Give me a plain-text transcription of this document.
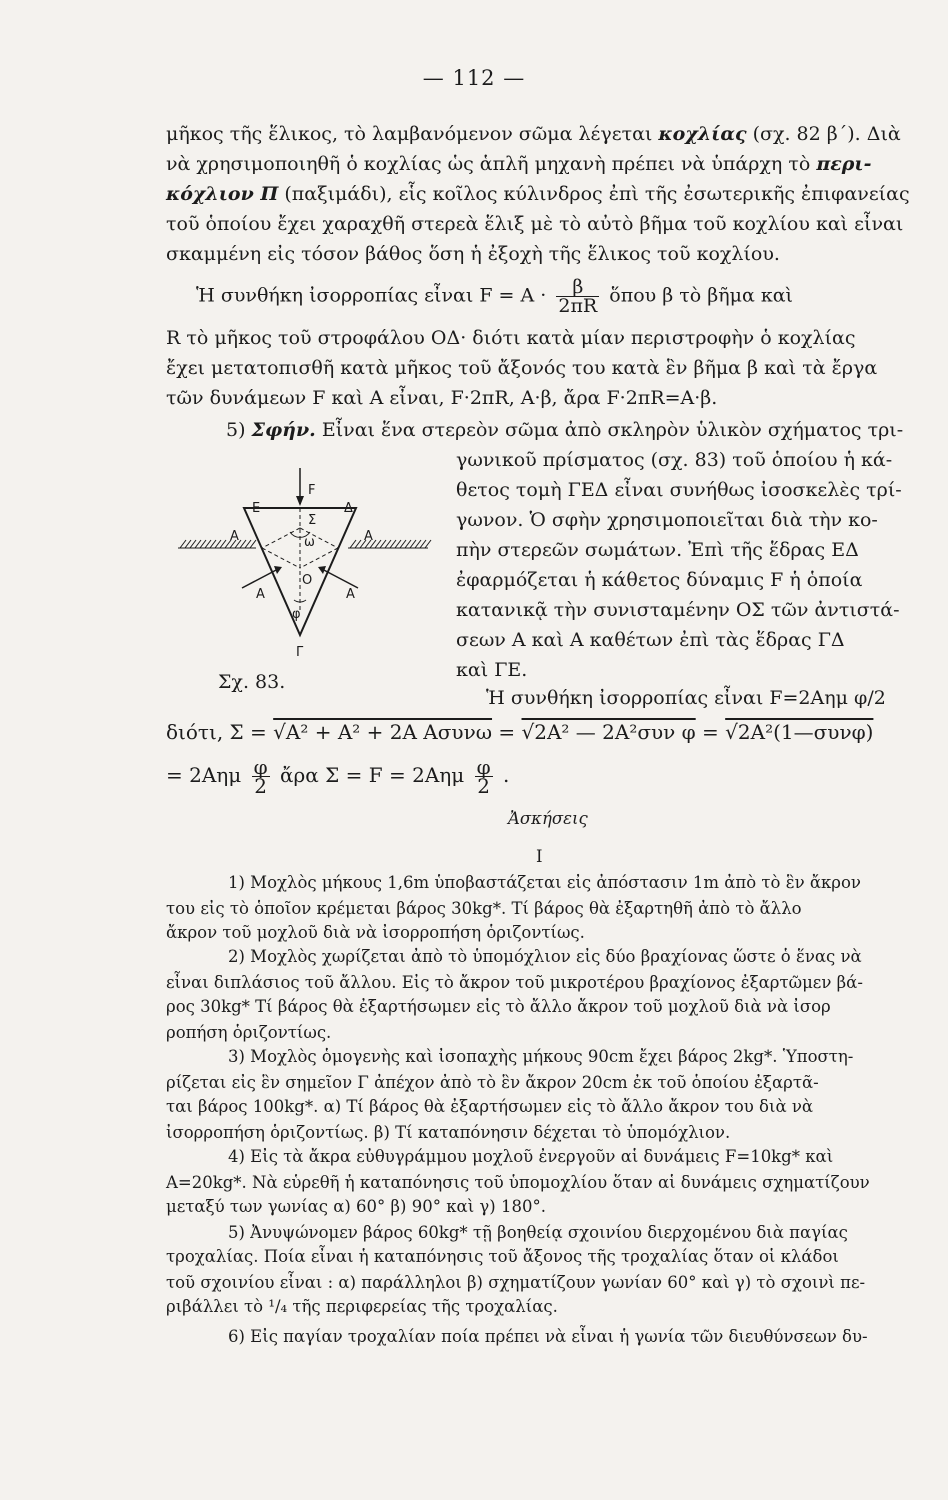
— 112 —
μῆκος τῆς ἕλικος, τὸ λαμβανόμενον σῶμα λέγεται κοχλίας (σχ. 82 β΄). Διὰ
νὰ χρησιμοποιηθῆ ὁ κοχλίας ὡς ἁπλῆ μηχανὴ πρέπει νὰ ὑπάρχη τὸ περι-
κόχλιον Π (παξιμάδι), εἷς κοῖλος κύλινδρος ἐπὶ τῆς ἐσωτερικῆς ἐπιφανείας
τοῦ ὁποίου ἔχει χαραχθῆ στερεὰ ἕλιξ μὲ τὸ αὐτὸ βῆμα τοῦ κοχλίου καὶ εἶναι
σκαμμένη εἰς τόσον βάθος ὅση ἡ ἐξοχὴ τῆς ἕλικος τοῦ κοχλίου.
Ἡ συνθήκη ἰσορροπίας εἶναι $F = A \cdot \frac{\beta}{2\pi R}$ ὅπου β τὸ βῆμα καὶ
R τὸ μῆκος τοῦ στροφάλου ΟΔ· διότι κατὰ μίαν περιστροφὴν ὁ κοχλίας
ἔχει μετατοπισθῆ κατὰ μῆκος τοῦ ἄξονός του κατὰ ἓν βῆμα β καὶ τὰ ἔργα
τῶν δυνάμεων F καὶ A εἶναι, F·2πR, A·β, ἄρα F·2πR=A·β.
5) Σφήν. Εἶναι ἕνα στερεὸν σῶμα ἀπὸ σκληρὸν ὑλικὸν σχήματος τρι-
γωνικοῦ πρίσματος (σχ. 83) τοῦ ὁποίου ἡ κά-
θετος τομὴ ΓΕΔ εἶναι συνήθως ἰσοσκελὲς τρί-
γωνον. Ὁ σφὴν χρησιμοποιεῖται διὰ τὴν κο-
πὴν στερεῶν σωμάτων. Ἐπὶ τῆς ἕδρας ΕΔ
ἐφαρμόζεται ἡ κάθετος δύναμις F ἡ ὁποία
κατανικᾷ τὴν συνισταμένην ΟΣ τῶν ἀντιστά-
σεων A καὶ A καθέτων ἐπὶ τὰς ἕδρας ΓΔ
καὶ ΓΕ.
Ἡ συνθήκη ἰσορροπίας εἶναι F=2Aημ φ/2
E
F
Δ
A
Σ
ω	A
O
A	A
φ
Γ
Σχ. 83.
διότι, Σ = √A² + A² + 2A Aσυνω = √2A² — 2A²συν φ = √2A²(1—συνφ)
= $2A\eta\mu \frac{\varphi}{2}$ ἄρα $\Sigma = F = 2A\eta\mu \frac{\varphi}{2}$ .
Ἀσκήσεις
I
1) Μοχλὸς μήκους 1,6m ὑποβαστάζεται εἰς ἀπόστασιν 1m ἀπὸ τὸ ἓν ἄκρον
του εἰς τὸ ὁποῖον κρέμεται βάρος 30kg*. Τί βάρος θὰ ἐξαρτηθῆ ἀπὸ τὸ ἄλλο
ἄκρον τοῦ μοχλοῦ διὰ νὰ ἰσορροπήση ὁριζοντίως.
2) Μοχλὸς χωρίζεται ἀπὸ τὸ ὑπομόχλιον εἰς δύο βραχίονας ὥστε ὁ ἕνας νὰ
εἶναι διπλάσιος τοῦ ἄλλου. Εἰς τὸ ἄκρον τοῦ μικροτέρου βραχίονος ἐξαρτῶμεν βά-
ρος 30kg* Τί βάρος θὰ ἐξαρτήσωμεν εἰς τὸ ἄλλο ἄκρον τοῦ μοχλοῦ διὰ νὰ ἰσορ
ροπήση ὁριζοντίως.
3) Μοχλὸς ὁμογενὴς καὶ ἰσοπαχὴς μήκους 90cm ἔχει βάρος 2kg*. Ὑποστη-
ρίζεται εἰς ἓν σημεῖον Γ ἀπέχον ἀπὸ τὸ ἓν ἄκρον 20cm ἐκ τοῦ ὁποίου ἐξαρτᾶ-
ται βάρος 100kg*. α) Τί βάρος θὰ ἐξαρτήσωμεν εἰς τὸ ἄλλο ἄκρον του διὰ νὰ
ἰσορροπήση ὁριζοντίως. β) Τί καταπόνησιν δέχεται τὸ ὑπομόχλιον.
4) Εἰς τὰ ἄκρα εὐθυγράμμου μοχλοῦ ἐνεργοῦν αἱ δυνάμεις F=10kg* καὶ
A=20kg*. Νὰ εὑρεθῆ ἡ καταπόνησις τοῦ ὑπομοχλίου ὅταν αἱ δυνάμεις σχηματίζουν
μεταξύ των γωνίας α) 60° β) 90° καὶ γ) 180°.
5) Ἀνυψώνομεν βάρος 60kg* τῇ βοηθείᾳ σχοινίου διερχομένου διὰ παγίας
τροχαλίας. Ποία εἶναι ἡ καταπόνησις τοῦ ἄξονος τῆς τροχαλίας ὅταν οἱ κλάδοι
τοῦ σχοινίου εἶναι : α) παράλληλοι β) σχηματίζουν γωνίαν 60° καὶ γ) τὸ σχοινὶ πε-
ριβάλλει τὸ ¹/₄ τῆς περιφερείας τῆς τροχαλίας.
6) Εἰς παγίαν τροχαλίαν ποία πρέπει νὰ εἶναι ἡ γωνία τῶν διευθύνσεων δυ-
